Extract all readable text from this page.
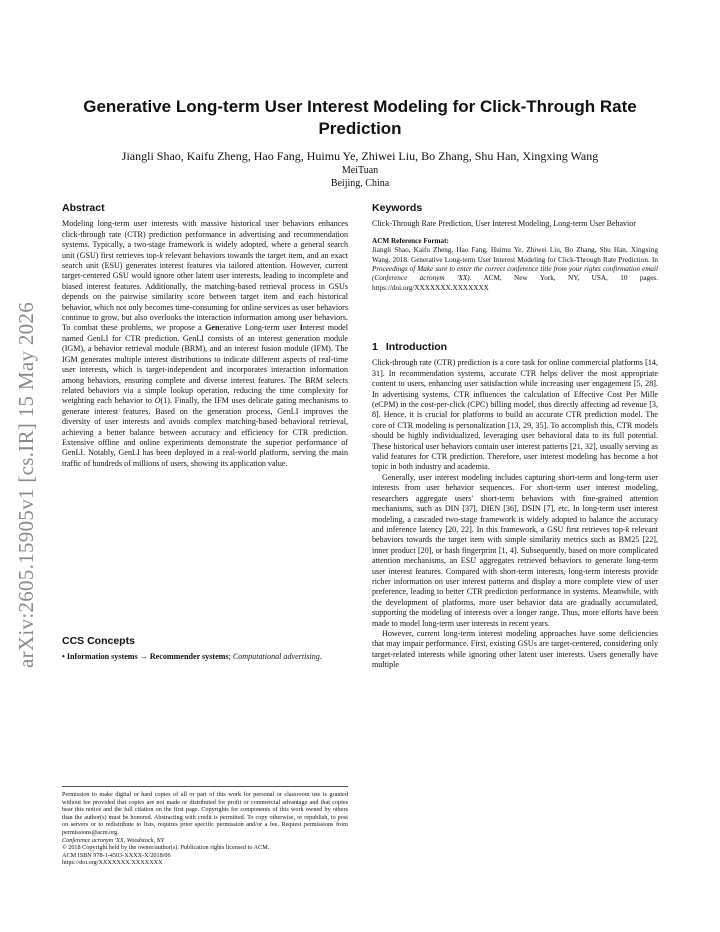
arXiv:2605.15905v1 [cs.IR] 15 May 2026
Generative Long-term User Interest Modeling for Click-Through Rate Prediction
Jiangli Shao, Kaifu Zheng, Hao Fang, Huimu Ye, Zhiwei Liu, Bo Zhang, Shu Han, Xingxing Wang
MeiTuan
Beijing, China
Abstract

Modeling long-term user interests with massive historical user behaviors enhances click-through rate (CTR) prediction performance in advertising and recommendation systems. Typically, a two-stage framework is widely adopted, where a general search unit (GSU) first retrieves top-k relevant behaviors towards the target item, and an exact search unit (ESU) generates interest features via tailored attention. However, current target-centered GSU would ignore other latent user interests, leading to incomplete and biased interest features. Additionally, the matching-based retrieval process in GSUs depends on the pairwise similarity score between target item and each historical behavior, which not only becomes time-consuming for online services as user behaviors continue to grow, but also overlooks the interaction information among user behaviors. To combat these problems, we propose a Generative Long-term user Interest model named GenLI for CTR prediction. GenLI consists of an interest generation module (IGM), a behavior retrieval module (BRM), and an interest fusion module (IFM). The IGM generates multiple interest distributions to indicate different aspects of real-time user interests, which is target-independent and incorporates interaction information among behaviors, ensuring complete and diverse interest features. The BRM selects related behaviors via a simple lookup operation, reducing the time complexity for weighting each behavior to O(1). Finally, the IFM uses delicate gating mechanisms to generate interest features. Based on the generation process, GenLI improves the diversity of user interests and avoids complex matching-based behavioral retrieval, achieving a better balance between accuracy and efficiency for CTR prediction. Extensive offline and online experiments demonstrate the superior performance of GenLI. Notably, GenLI has been deployed in a real-world platform, serving the main traffic of hundreds of millions of users, showing its application value.

CCS Concepts

• Information systems → Recommender systems; Computational advertising.

Permission to make digital or hard copies of all or part of this work for personal or classroom use is granted without fee provided that copies are not made or distributed for profit or commercial advantage and that copies bear this notice and the full citation on the first page. Copyrights for components of this work owned by others than the author(s) must be honored. Abstracting with credit is permitted. To copy otherwise, or republish, to post on servers or to redistribute to lists, requires prior specific permission and/or a fee. Request permissions from permissions@acm.org.

Conference acronym 'XX, Woodstock, NY

© 2018 Copyright held by the owner/author(s). Publication rights licensed to ACM.

ACM ISBN 978-1-4503-XXXX-X/2018/06

https://doi.org/XXXXXXX.XXXXXXX

Keywords

Click-Through Rate Prediction, User Interest Modeling, Long-term User Behavior

ACM Reference Format:

Jiangli Shao, Kaifu Zheng, Hao Fang, Huimu Ye, Zhiwei Liu, Bo Zhang, Shu Han, Xingxing Wang. 2018. Generative Long-term User Interest Modeling for Click-Through Rate Prediction. In Proceedings of Make sure to enter the correct conference title from your rights confirmation email (Conference acronym 'XX). ACM, New York, NY, USA, 10 pages. https://doi.org/XXXXXXX.XXXXXXX

1 Introduction

Click-through rate (CTR) prediction is a core task for online commercial platforms [14, 31]. In recommendation systems, accurate CTR helps deliver the most appropriate content to users, enhancing user satisfaction while increasing user engagement [5, 28]. In advertising systems, CTR influences the calculation of Effective Cost Per Mille (eCPM) in the cost-per-click (CPC) billing model, thus directly affecting ad revenue [3, 8]. Hence, it is crucial for platforms to build an accurate CTR prediction model. The core of CTR modeling is personalization [13, 29, 35]. To accomplish this, CTR models should be highly individualized, leveraging user behavioral data to its full potential. These historical user behaviors contain user interest patterns [21, 32], usually serving as valid features for CTR prediction. Therefore, user interest modeling has become a hot topic in both industry and academia.

Generally, user interest modeling includes capturing short-term and long-term user interests from user behavior sequences. For short-term user interest modeling, researchers aggregate users' short-term behaviors with fine-grained attention mechanisms, such as DIN [37], DIEN [36], DSIN [7], etc. In long-term user interest modeling, a cascaded two-stage framework is widely adopted to balance the accuracy and inference latency [20, 22]. In this framework, a GSU first retrieves top-k relevant behaviors towards the target item with simple similarity metrics such as BM25 [22], inner product [20], or hash fingerprint [1, 4]. Subsequently, based on more complicated attention mechanisms, an ESU aggregates retrieved behaviors to generate long-term user interest features. Compared with short-term interests, long-term interests provide richer information on user interest patterns and display a more complete view of user preference, leading to better CTR prediction performance in systems. Meanwhile, with the development of platforms, more user behavior data are gradually accumulated, supporting the modeling of interests over a longer range. Thus, more efforts have been made to model long-term user interests in recent years.

However, current long-term interest modeling approaches have some deficiencies that may impair performance. First, existing GSUs are target-centered, considering only target-related interests while ignoring other latent user interests. Users generally have multiple
